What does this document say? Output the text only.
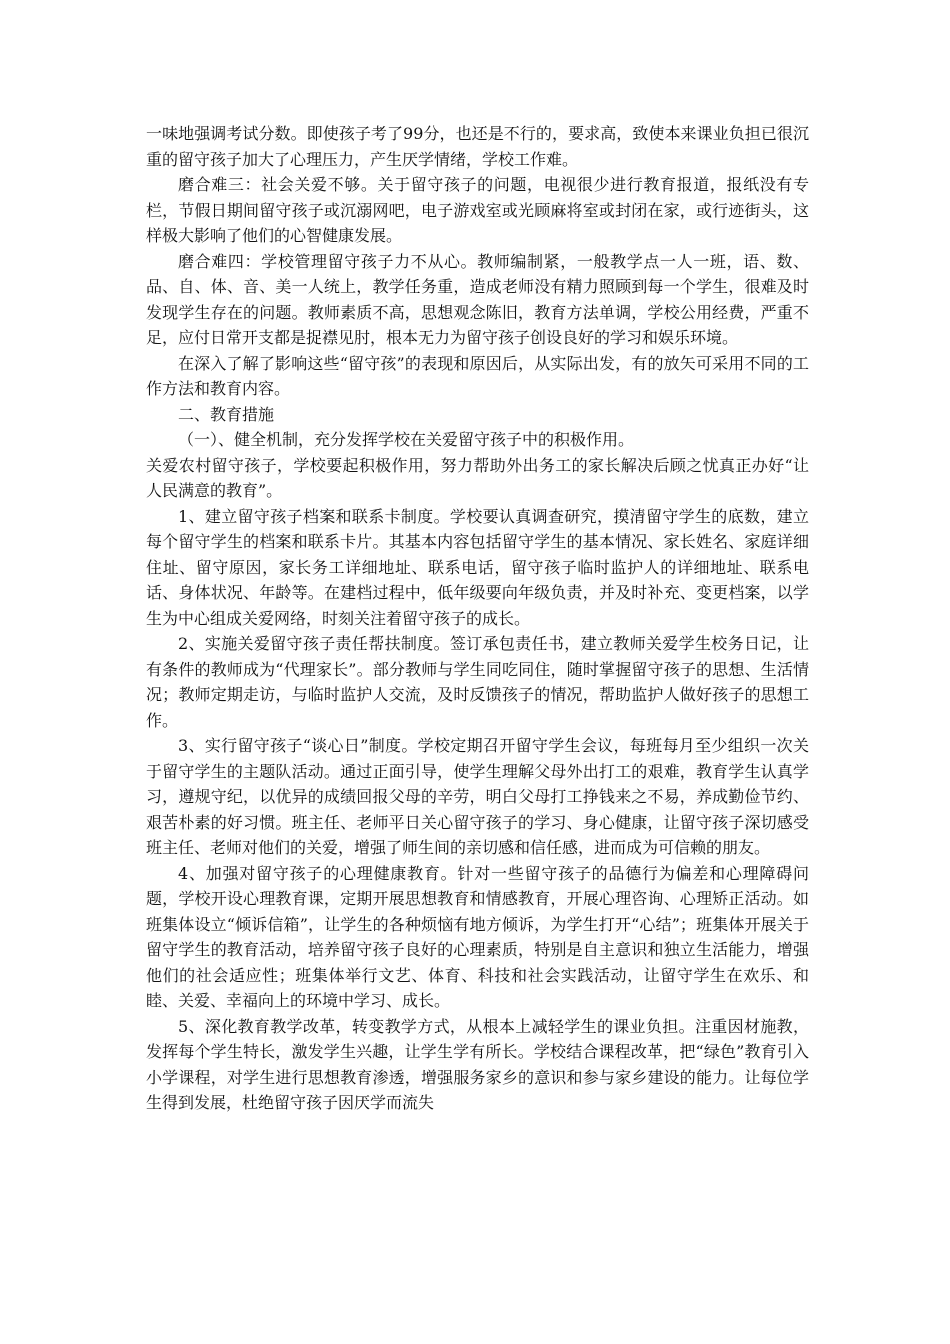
一味地强调考试分数。即使孩子考了99分，也还是不行的，要求高，致使本来课业负担已很沉重的留守孩子加大了心理压力，产生厌学情绪，学校工作难。

磨合难三：社会关爱不够。关于留守孩子的问题，电视很少进行教育报道，报纸没有专栏，节假日期间留守孩子或沉溺网吧，电子游戏室或光顾麻将室或封闭在家，或行迹街头，这样极大影响了他们的心智健康发展。

磨合难四：学校管理留守孩子力不从心。教师编制紧，一般教学点一人一班，语、数、品、自、体、音、美一人统上，教学任务重，造成老师没有精力照顾到每一个学生，很难及时发现学生存在的问题。教师素质不高，思想观念陈旧，教育方法单调，学校公用经费，严重不足，应付日常开支都是捉襟见肘，根本无力为留守孩子创设良好的学习和娱乐环境。

在深入了解了影响这些“留守孩”的表现和原因后，从实际出发，有的放矢可采用不同的工作方法和教育内容。

二、教育措施

（一）、健全机制，充分发挥学校在关爱留守孩子中的积极作用。

关爱农村留守孩子，学校要起积极作用，努力帮助外出务工的家长解决后顾之忧真正办好“让人民满意的教育”。

1、建立留守孩子档案和联系卡制度。学校要认真调查研究，摸清留守学生的底数，建立每个留守学生的档案和联系卡片。其基本内容包括留守学生的基本情况、家长姓名、家庭详细住址、留守原因，家长务工详细地址、联系电话，留守孩子临时监护人的详细地址、联系电话、身体状况、年龄等。在建档过程中，低年级要向年级负责，并及时补充、变更档案，以学生为中心组成关爱网络，时刻关注着留守孩子的成长。

2、实施关爱留守孩子责任帮扶制度。签订承包责任书，建立教师关爱学生校务日记，让有条件的教师成为“代理家长”。部分教师与学生同吃同住，随时掌握留守孩子的思想、生活情况；教师定期走访，与临时监护人交流，及时反馈孩子的情况，帮助监护人做好孩子的思想工作。

3、实行留守孩子“谈心日”制度。学校定期召开留守学生会议，每班每月至少组织一次关于留守学生的主题队活动。通过正面引导，使学生理解父母外出打工的艰难，教育学生认真学习，遵规守纪，以优异的成绩回报父母的辛劳，明白父母打工挣钱来之不易，养成勤俭节约、艰苦朴素的好习惯。班主任、老师平日关心留守孩子的学习、身心健康，让留守孩子深切感受班主任、老师对他们的关爱，增强了师生间的亲切感和信任感，进而成为可信赖的朋友。

4、加强对留守孩子的心理健康教育。针对一些留守孩子的品德行为偏差和心理障碍问题，学校开设心理教育课，定期开展思想教育和情感教育，开展心理咨询、心理矫正活动。如班集体设立“倾诉信箱”，让学生的各种烦恼有地方倾诉，为学生打开“心结”；班集体开展关于留守学生的教育活动，培养留守孩子良好的心理素质，特别是自主意识和独立生活能力，增强他们的社会适应性；班集体举行文艺、体育、科技和社会实践活动，让留守学生在欢乐、和睦、关爱、幸福向上的环境中学习、成长。

5、深化教育教学改革，转变教学方式，从根本上减轻学生的课业负担。注重因材施教，发挥每个学生特长，激发学生兴趣，让学生学有所长。学校结合课程改革，把“绿色”教育引入小学课程，对学生进行思想教育渗透，增强服务家乡的意识和参与家乡建设的能力。让每位学生得到发展，杜绝留守孩子因厌学而流失
